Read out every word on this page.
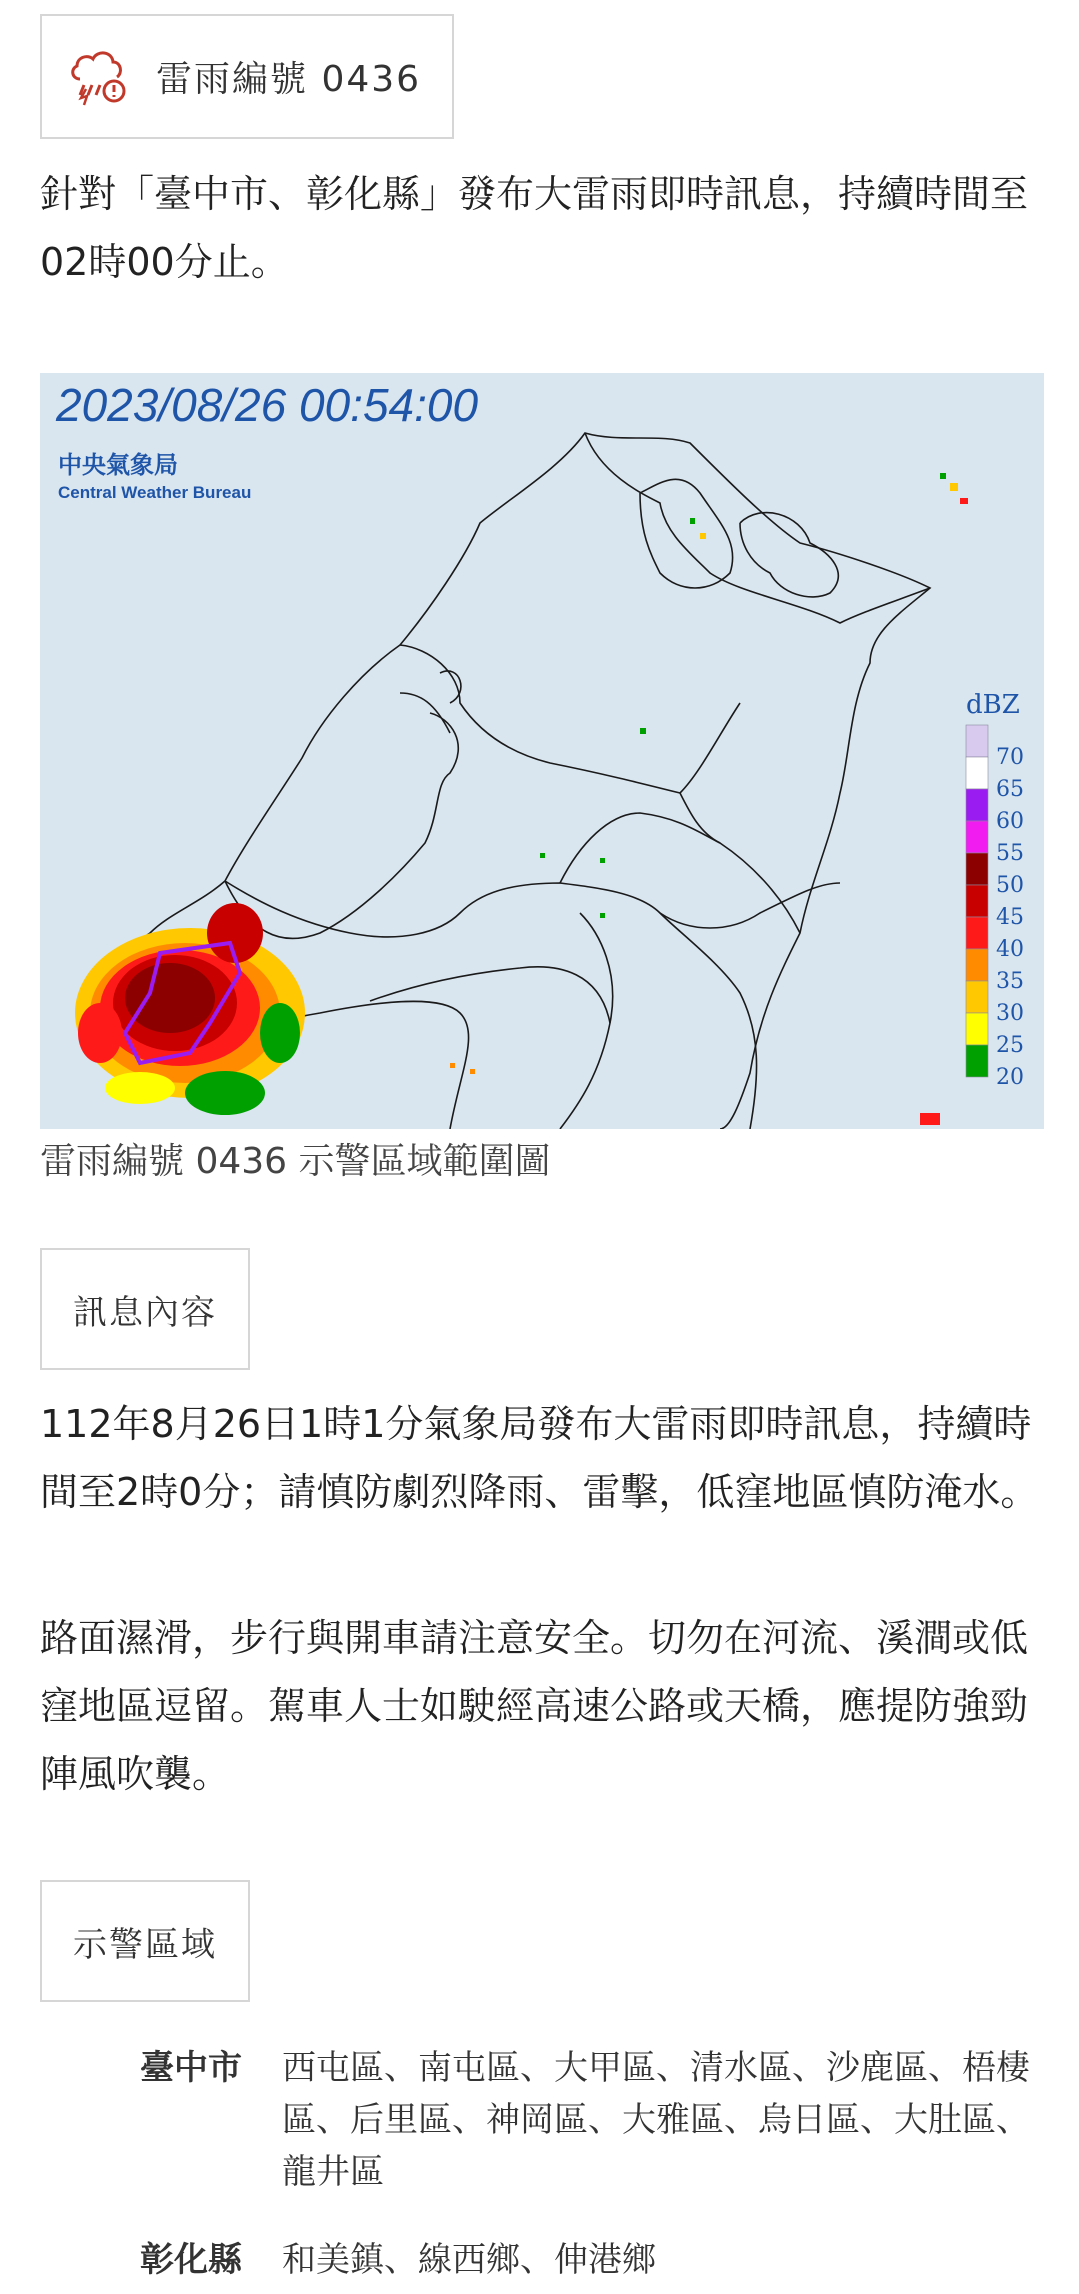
雷雨編號 0436

針對「臺中市、彰化縣」發布大雷雨即時訊息，持續時間至02時00分止。

2023/08/26 00:54:00
中央氣象局
Central Weather Bureau
dBZ
70
65
60
55
50
45
40
35
30
25
20
雷雨編號 0436 示警區域範圍圖
訊息內容

112年8月26日1時1分氣象局發布大雷雨即時訊息，持續時間至2時0分；請慎防劇烈降雨、雷擊，低窪地區慎防淹水。

路面濕滑，步行與開車請注意安全。切勿在河流、溪澗或低窪地區逗留。駕車人士如駛經高速公路或天橋，應提防強勁陣風吹襲。

示警區域
臺中市	西屯區、南屯區、大甲區、清水區、沙鹿區、梧棲區、后里區、神岡區、大雅區、烏日區、大肚區、龍井區
彰化縣	和美鎮、線西鄉、伸港鄉
